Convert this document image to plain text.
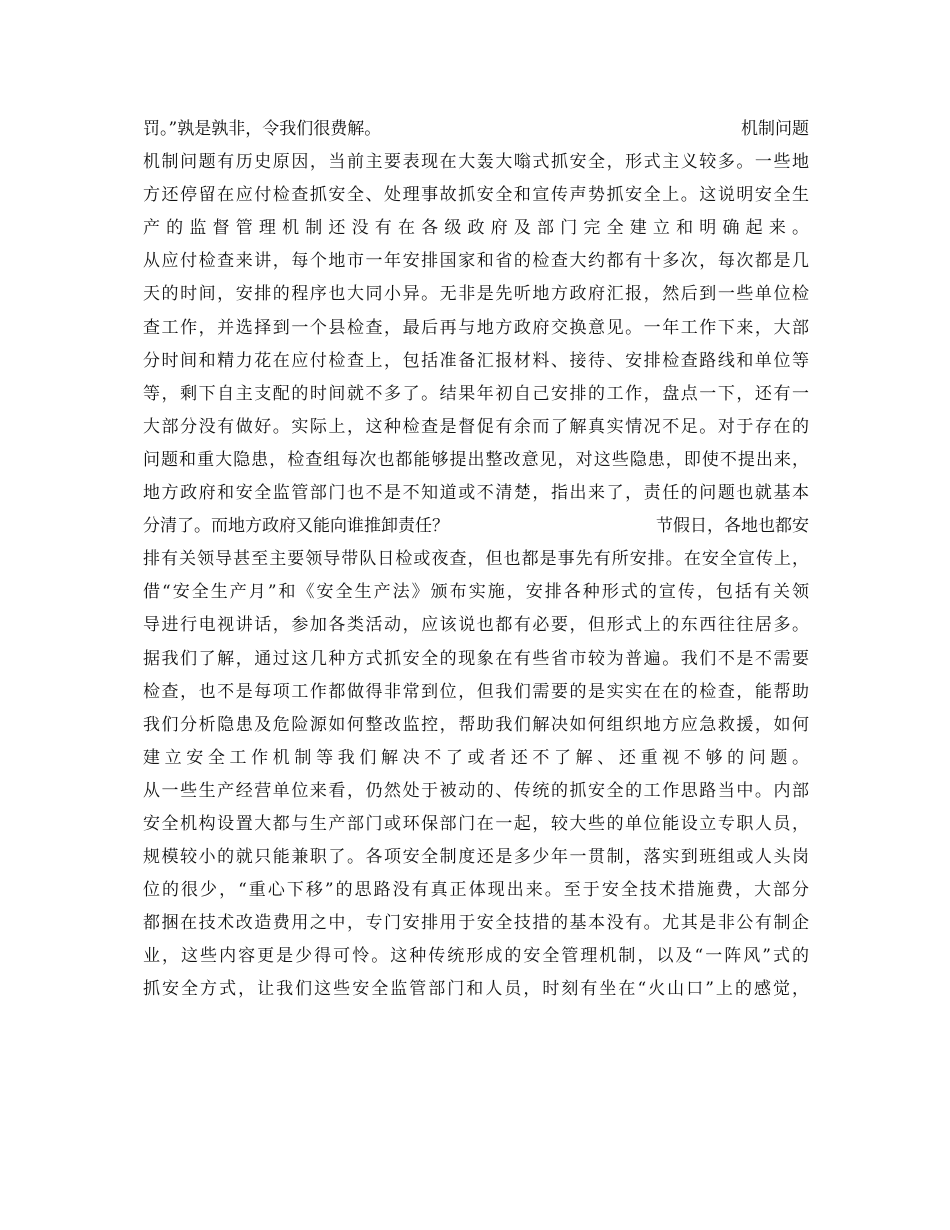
罚。”孰是孰非，令我们很费解。	机制问题
机制问题有历史原因，当前主要表现在大轰大嗡式抓安全，形式主义较多。一些地
方还停留在应付检查抓安全、处理事故抓安全和宣传声势抓安全上。这说明安全生
产的监督管理机制还没有在各级政府及部门完全建立和明确起来。
从应付检查来讲，每个地市一年安排国家和省的检查大约都有十多次，每次都是几
天的时间，安排的程序也大同小异。无非是先听地方政府汇报，然后到一些单位检
查工作，并选择到一个县检查，最后再与地方政府交换意见。一年工作下来，大部
分时间和精力花在应付检查上，包括准备汇报材料、接待、安排检查路线和单位等
等，剩下自主支配的时间就不多了。结果年初自己安排的工作，盘点一下，还有一
大部分没有做好。实际上，这种检查是督促有余而了解真实情况不足。对于存在的
问题和重大隐患，检查组每次也都能够提出整改意见，对这些隐患，即使不提出来，
地方政府和安全监管部门也不是不知道或不清楚，指出来了，责任的问题也就基本
分清了。而地方政府又能向谁推卸责任？	节假日，各地也都安
排有关领导甚至主要领导带队日检或夜查，但也都是事先有所安排。在安全宣传上，
借“安全生产月”和《安全生产法》颁布实施，安排各种形式的宣传，包括有关领
导进行电视讲话，参加各类活动，应该说也都有必要，但形式上的东西往往居多。
据我们了解，通过这几种方式抓安全的现象在有些省市较为普遍。我们不是不需要
检查，也不是每项工作都做得非常到位，但我们需要的是实实在在的检查，能帮助
我们分析隐患及危险源如何整改监控，帮助我们解决如何组织地方应急救援，如何
建立安全工作机制等我们解决不了或者还不了解、还重视不够的问题。
从一些生产经营单位来看，仍然处于被动的、传统的抓安全的工作思路当中。内部
安全机构设置大都与生产部门或环保部门在一起，较大些的单位能设立专职人员，
规模较小的就只能兼职了。各项安全制度还是多少年一贯制，落实到班组或人头岗
位的很少，“重心下移”的思路没有真正体现出来。至于安全技术措施费，大部分
都捆在技术改造费用之中，专门安排用于安全技措的基本没有。尤其是非公有制企
业，这些内容更是少得可怜。这种传统形成的安全管理机制，以及“一阵风”式的
抓安全方式，让我们这些安全监管部门和人员，时刻有坐在“火山口”上的感觉，
